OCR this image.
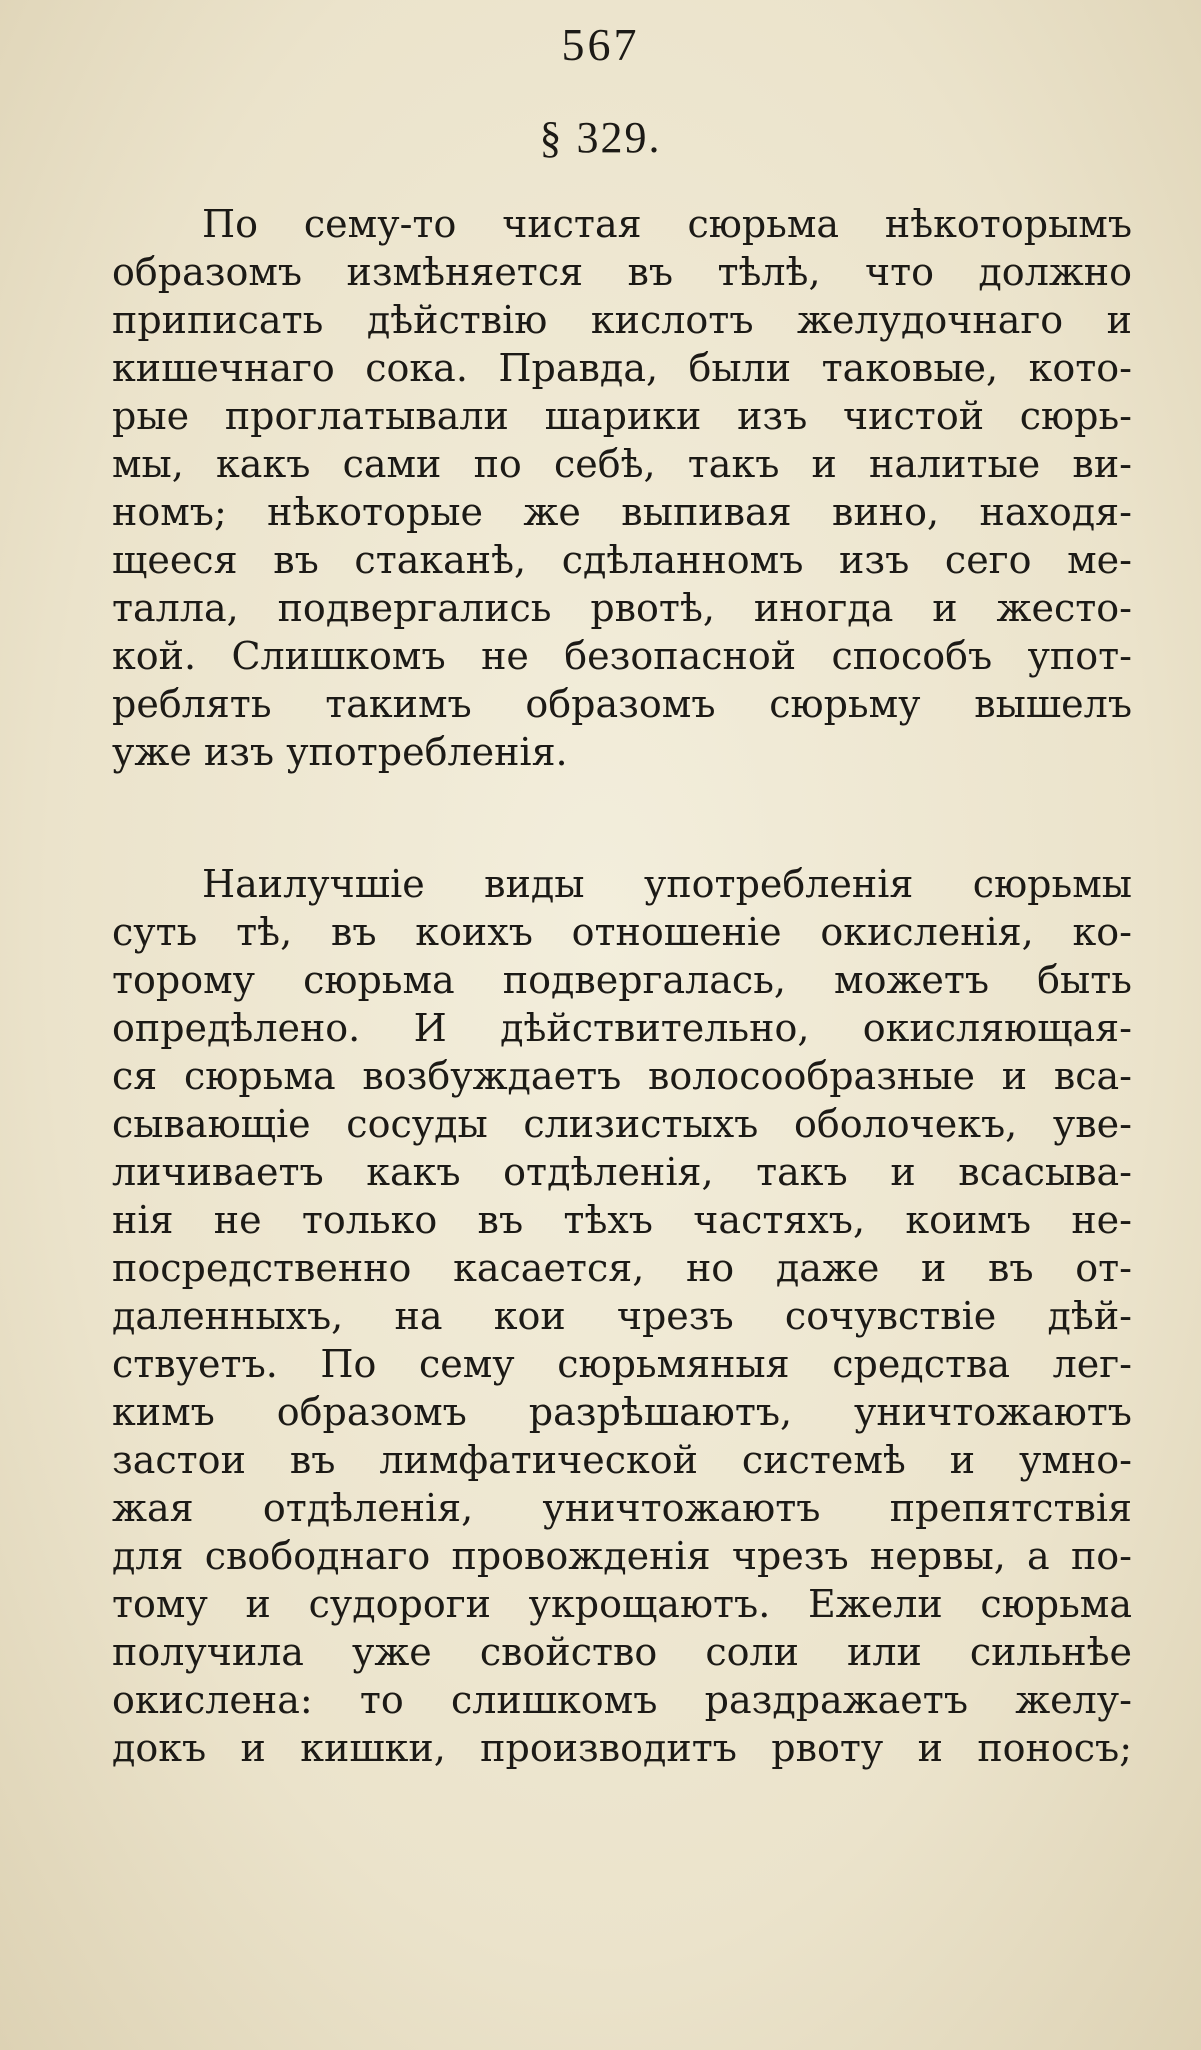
567
§ 329.
По сему-то чистая сюрьма нѣкоторымъ
образомъ измѣняется въ тѣлѣ, что должно
приписать дѣйствію кислотъ желудочнаго и
кишечнаго сока. Правда, были таковые, кото-
рые проглатывали шарики изъ чистой сюрь-
мы, какъ сами по себѣ, такъ и налитые ви-
номъ; нѣкоторые же выпивая вино, находя-
щееся въ стаканѣ, сдѣланномъ изъ сего ме-
талла, подвергались рвотѣ, иногда и жесто-
кой. Слишкомъ не безопасной способъ упот-
реблять такимъ образомъ сюрьму вышелъ
уже изъ употребленія.
Наилучшіе виды употребленія сюрьмы
суть тѣ, въ коихъ отношеніе окисленія, ко-
торому сюрьма подвергалась, можетъ быть
опредѣлено. И дѣйствительно, окисляющая-
ся сюрьма возбуждаетъ волосообразные и вса-
сывающіе сосуды слизистыхъ оболочекъ, уве-
личиваетъ какъ отдѣленія, такъ и всасыва-
нія не только въ тѣхъ частяхъ, коимъ не-
посредственно касается, но даже и въ от-
даленныхъ, на кои чрезъ сочувствіе дѣй-
ствуетъ. По сему сюрьмяныя средства лег-
кимъ образомъ разрѣшаютъ, уничтожаютъ
застои въ лимфатической системѣ и умно-
жая отдѣленія, уничтожаютъ препятствія
для свободнаго провожденія чрезъ нервы, а по-
тому и судороги укрощаютъ. Ежели сюрьма
получила уже свойство соли или сильнѣе
окислена: то слишкомъ раздражаетъ желу-
докъ и кишки, производитъ рвоту и поносъ;
